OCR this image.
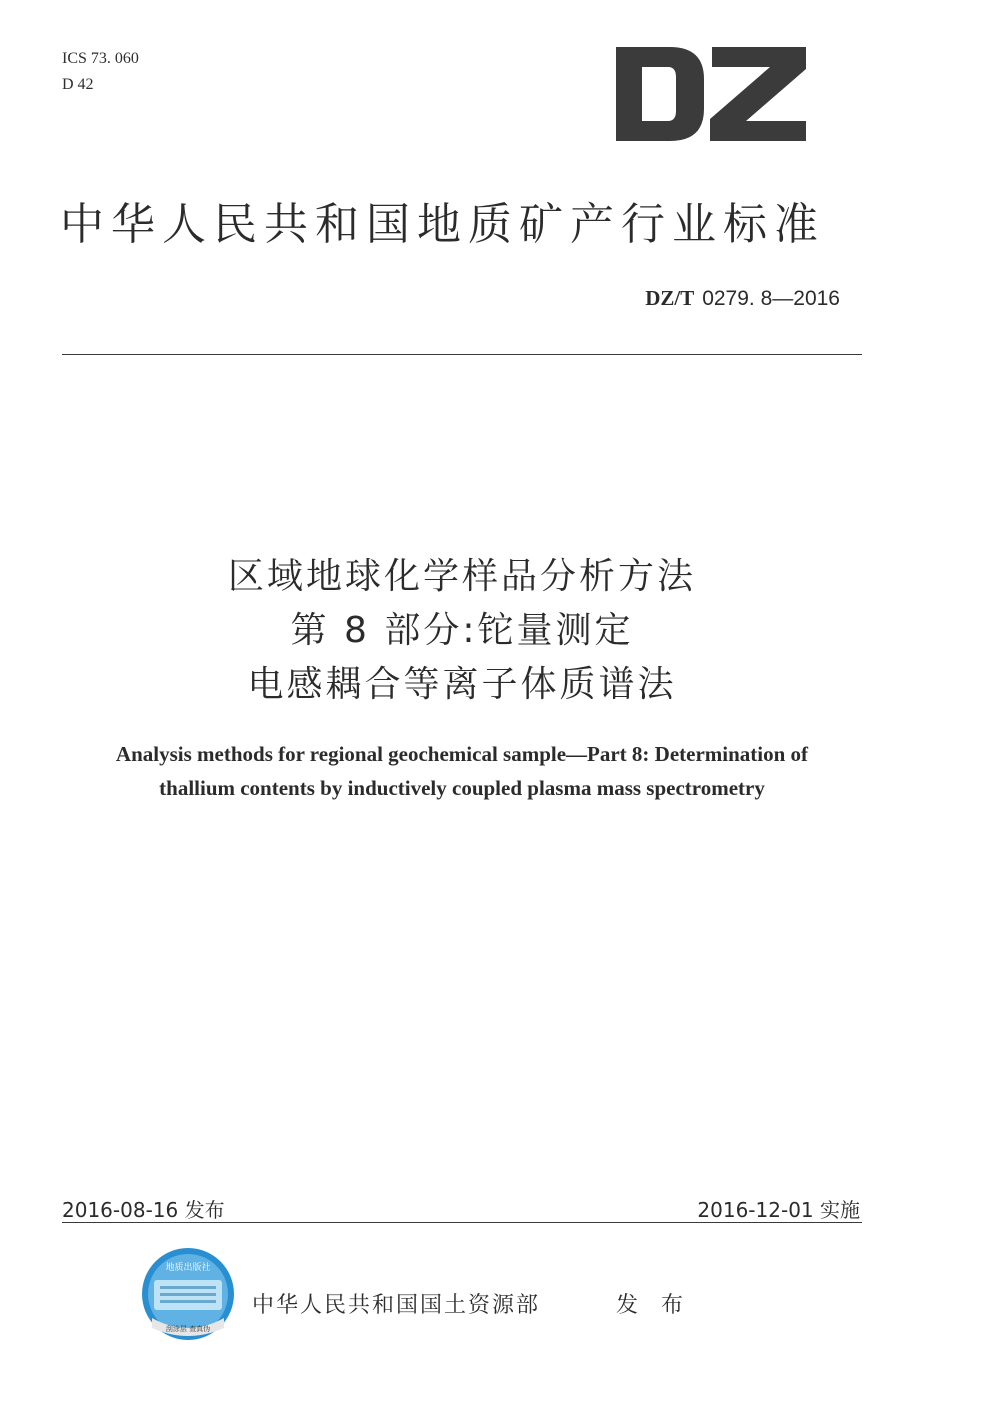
ICS 73. 060
D 42
中华人民共和国地质矿产行业标准
DZ/T 0279. 8—2016
区域地球化学样品分析方法
第 8 部分:铊量测定
电感耦合等离子体质谱法
Analysis methods for regional geochemical sample—Part 8: Determination of
thallium contents by inductively coupled plasma mass spectrometry
2016-08-16 发布	2016-12-01 实施
地质出版社
刮涂层 查真伪
中华人民共和国国土资源部	发 布
